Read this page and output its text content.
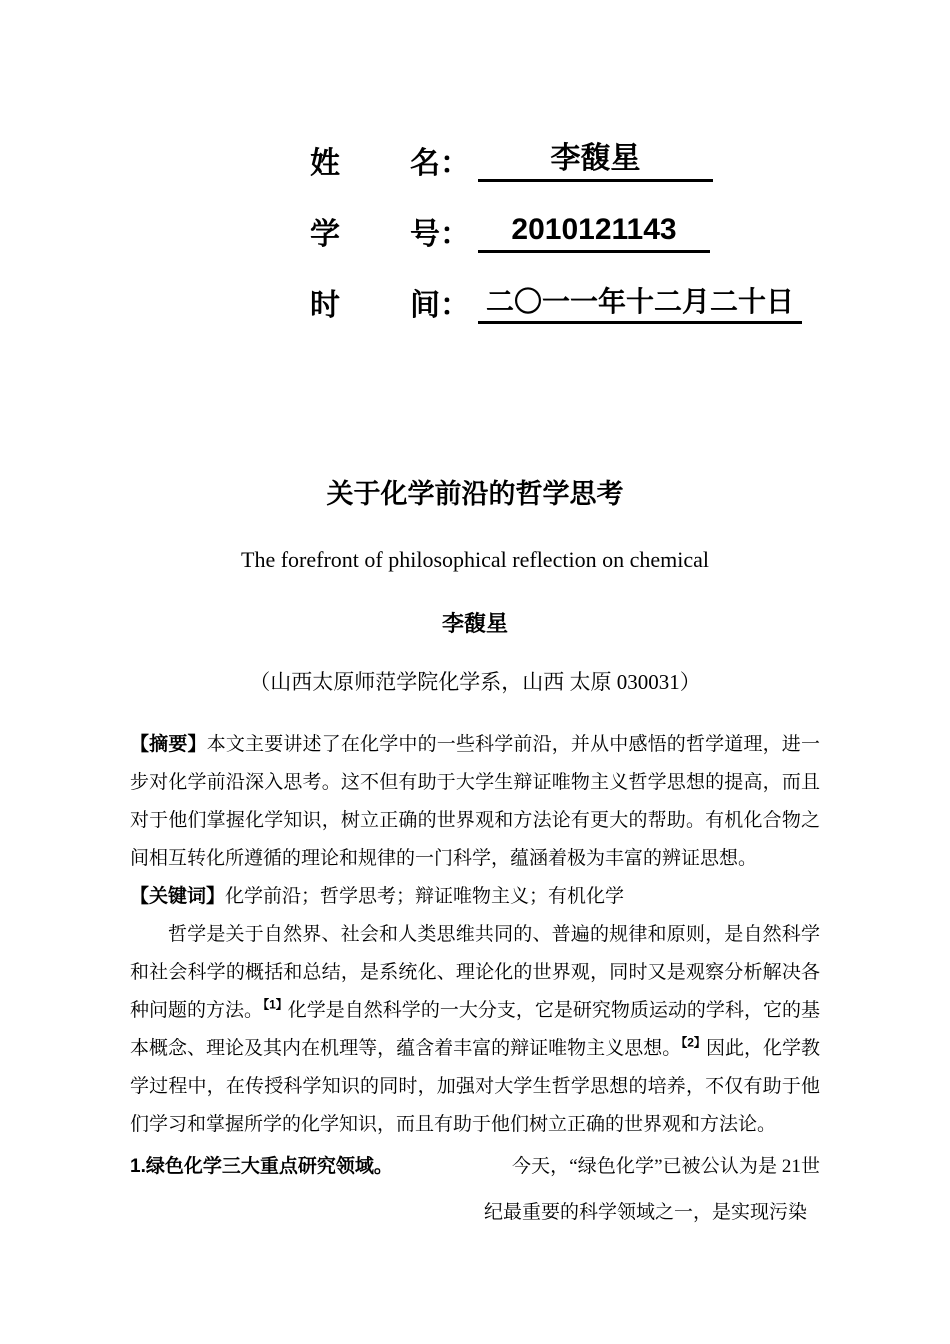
姓 名：	李馥星
学 号：	2010121143
时 间： 二〇一一年十二月二十日
关于化学前沿的哲学思考
The forefront of philosophical reflection on chemical
李馥星
（山西太原师范学院化学系，山西 太原 030031）

【摘要】本文主要讲述了在化学中的一些科学前沿，并从中感悟的哲学道理，进一步对化学前沿深入思考。这不但有助于大学生辩证唯物主义哲学思想的提高，而且对于他们掌握化学知识，树立正确的世界观和方法论有更大的帮助。有机化合物之间相互转化所遵循的理论和规律的一门科学，蕴涵着极为丰富的辨证思想。

【关键词】化学前沿；哲学思考；辩证唯物主义；有机化学

哲学是关于自然界、社会和人类思维共同的、普遍的规律和原则，是自然科学和社会科学的概括和总结，是系统化、理论化的世界观，同时又是观察分析解决各种问题的方法。$^{【1】}$化学是自然科学的一大分支，它是研究物质运动的学科，它的基本概念、理论及其内在机理等，蕴含着丰富的辩证唯物主义思想。$^{【2】}$因此，化学教学过程中，在传授科学知识的同时，加强对大学生哲学思想的培养，不仅有助于他们学习和掌握所学的化学知识，而且有助于他们树立正确的世界观和方法论。

1.绿色化学三大重点研究领域。	今天，“绿色化学”已被公认为是 21世纪最重要的科学领域之一，是实现污染
